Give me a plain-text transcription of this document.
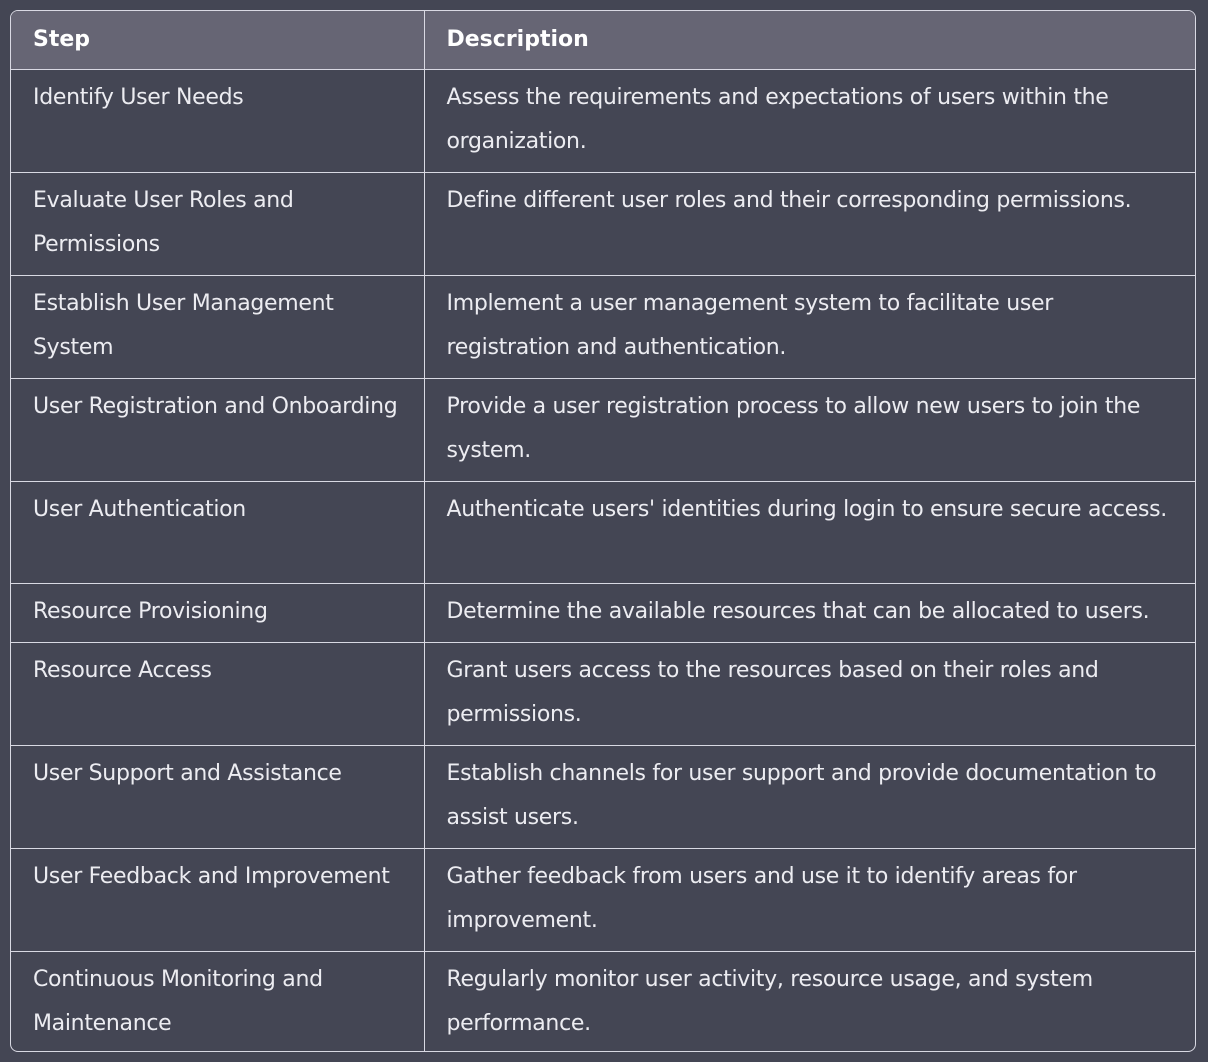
Step	Description
Identify User Needs	Assess the requirements and expectations of users within the organization.
Evaluate User Roles and Permissions	Define different user roles and their corresponding permissions.
Establish User Management System	Implement a user management system to facilitate user registration and authentication.
User Registration and Onboarding	Provide a user registration process to allow new users to join the system.
User Authentication	Authenticate users' identities during login to ensure secure access.
Resource Provisioning	Determine the available resources that can be allocated to users.
Resource Access	Grant users access to the resources based on their roles and permissions.
User Support and Assistance	Establish channels for user support and provide documentation to assist users.
User Feedback and Improvement	Gather feedback from users and use it to identify areas for improvement.
Continuous Monitoring and Maintenance	Regularly monitor user activity, resource usage, and system performance.
